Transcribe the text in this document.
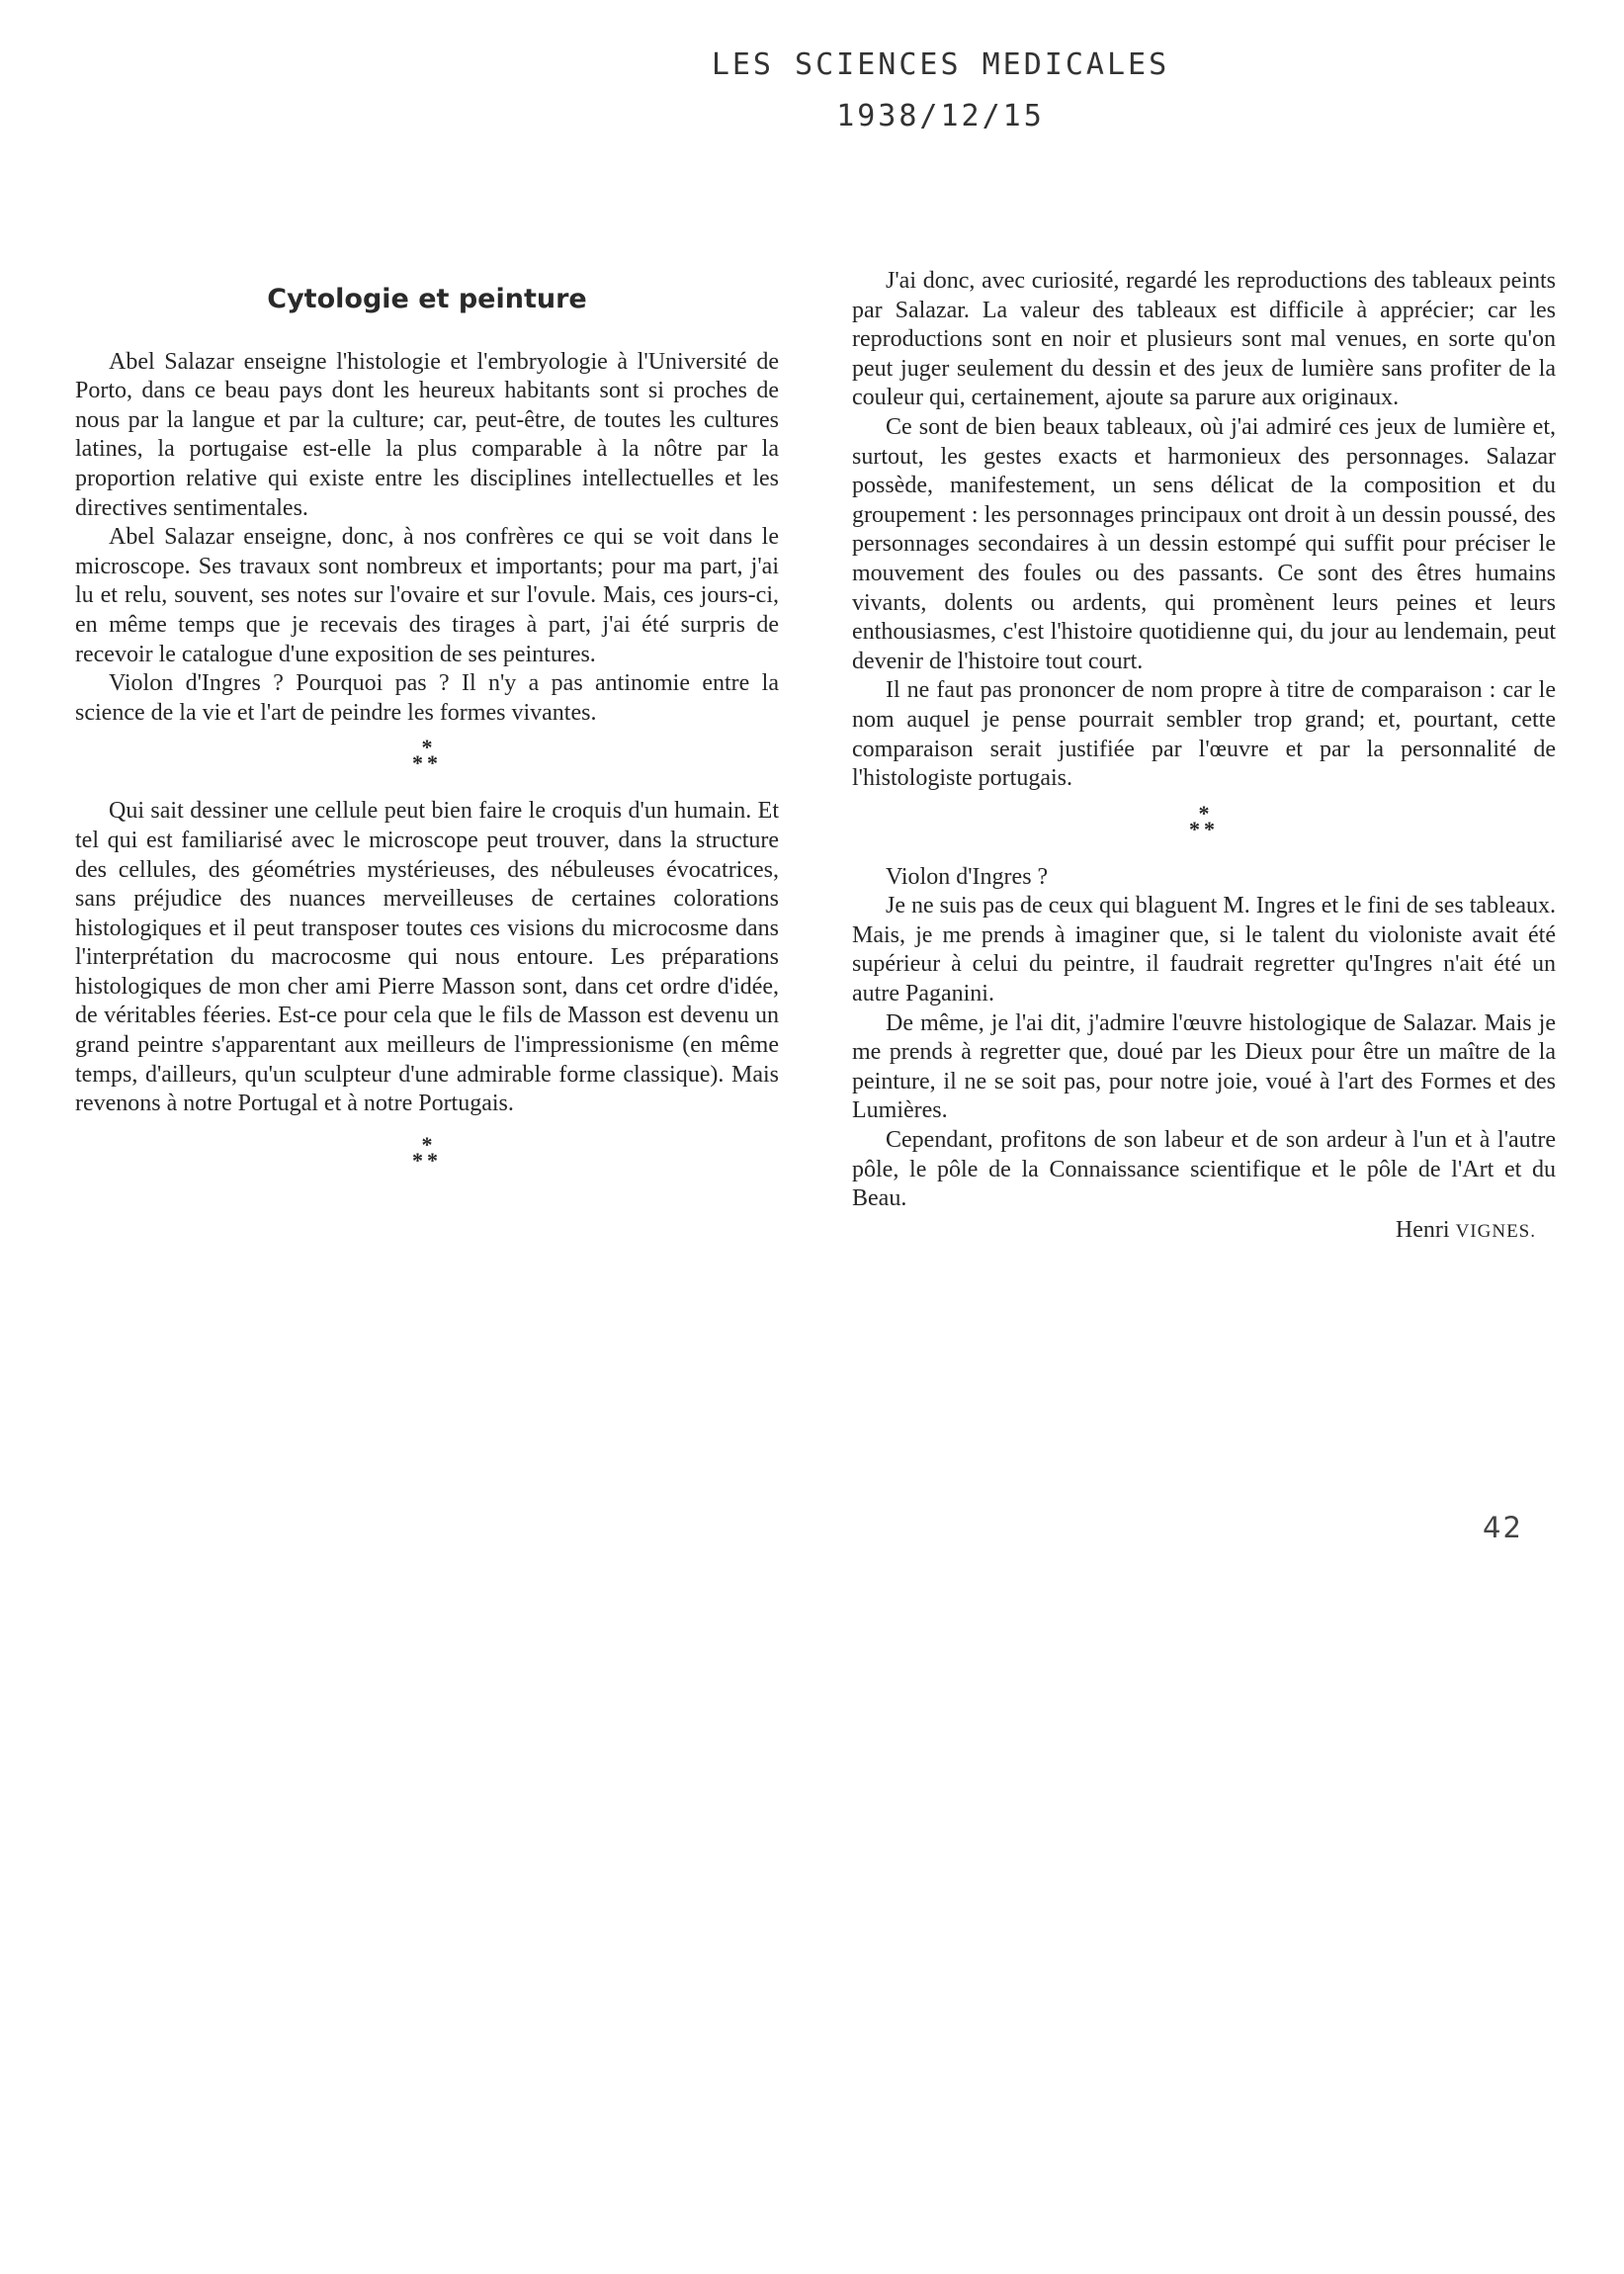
LES SCIENCES MEDICALES
1938/12/15
Cytologie et peinture

Abel Salazar enseigne l'histologie et l'embryologie à l'Université de Porto, dans ce beau pays dont les heureux habitants sont si proches de nous par la langue et par la culture; car, peut-être, de toutes les cultures latines, la portugaise est-elle la plus comparable à la nôtre par la proportion relative qui existe entre les disciplines intellectuelles et les directives sentimentales.

Abel Salazar enseigne, donc, à nos confrères ce qui se voit dans le microscope. Ses travaux sont nombreux et importants; pour ma part, j'ai lu et relu, souvent, ses notes sur l'ovaire et sur l'ovule. Mais, ces jours-ci, en même temps que je recevais des tirages à part, j'ai été surpris de recevoir le catalogue d'une exposition de ses peintures.

Violon d'Ingres ? Pourquoi pas ? Il n'y a pas antinomie entre la science de la vie et l'art de peindre les formes vivantes.

*
**

Qui sait dessiner une cellule peut bien faire le croquis d'un humain. Et tel qui est familiarisé avec le microscope peut trouver, dans la structure des cellules, des géométries mystérieuses, des nébuleuses évocatrices, sans préjudice des nuances merveilleuses de certaines colorations histologiques et il peut transposer toutes ces visions du microcosme dans l'interprétation du macrocosme qui nous entoure. Les préparations histologiques de mon cher ami Pierre Masson sont, dans cet ordre d'idée, de véritables féeries. Est-ce pour cela que le fils de Masson est devenu un grand peintre s'apparentant aux meilleurs de l'impressionisme (en même temps, d'ailleurs, qu'un sculpteur d'une admirable forme classique). Mais revenons à notre Portugal et à notre Portugais.

*
**

J'ai donc, avec curiosité, regardé les reproductions des tableaux peints par Salazar. La valeur des tableaux est difficile à apprécier; car les reproductions sont en noir et plusieurs sont mal venues, en sorte qu'on peut juger seulement du dessin et des jeux de lumière sans profiter de la couleur qui, certainement, ajoute sa parure aux originaux.

Ce sont de bien beaux tableaux, où j'ai admiré ces jeux de lumière et, surtout, les gestes exacts et harmonieux des personnages. Salazar possède, manifestement, un sens délicat de la composition et du groupement : les personnages principaux ont droit à un dessin poussé, des personnages secondaires à un dessin estompé qui suffit pour préciser le mouvement des foules ou des passants. Ce sont des êtres humains vivants, dolents ou ardents, qui promènent leurs peines et leurs enthousiasmes, c'est l'histoire quotidienne qui, du jour au lendemain, peut devenir de l'histoire tout court.

Il ne faut pas prononcer de nom propre à titre de comparaison : car le nom auquel je pense pourrait sembler trop grand; et, pourtant, cette comparaison serait justifiée par l'œuvre et par la personnalité de l'histologiste portugais.

*
**

Violon d'Ingres ?

Je ne suis pas de ceux qui blaguent M. Ingres et le fini de ses tableaux. Mais, je me prends à imaginer que, si le talent du violoniste avait été supérieur à celui du peintre, il faudrait regretter qu'Ingres n'ait été un autre Paganini.

De même, je l'ai dit, j'admire l'œuvre histologique de Salazar. Mais je me prends à regretter que, doué par les Dieux pour être un maître de la peinture, il ne se soit pas, pour notre joie, voué à l'art des Formes et des Lumières.

Cependant, profitons de son labeur et de son ardeur à l'un et à l'autre pôle, le pôle de la Connaissance scientifique et le pôle de l'Art et du Beau.

Henri VIGNES.
42
